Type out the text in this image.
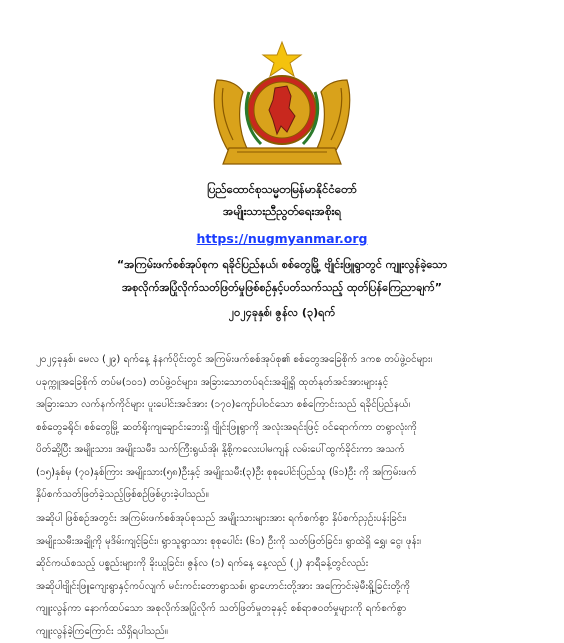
ပြည်ထောင်စုသမ္မတမြန်မာနိုင်ငံတော်
အမျိုးသားညီညွတ်ရေးအစိုးရ
https://nugmyanmar.org
“အကြမ်းဖက်စစ်အုပ်စုက ရခိုင်ပြည်နယ်၊ စစ်တွေမြို့ ဗျိုင်းဖြူရွာတွင် ကျူးလွန်ခဲ့သော
အစုလိုက်အပြုံလိုက်သတ်ဖြတ်မှုဖြစ်စဉ်နှင့်ပတ်သက်သည့် ထုတ်ပြန်ကြေညာချက်”
၂၀၂၄ခုနှစ်၊ ဇွန်လ (၃)ရက်
၂၀၂၄ခုနှစ်၊ မေလ (၂၉) ရက်နေ့ နံနက်ပိုင်းတွင် အကြမ်းဖက်စစ်အုပ်စု၏ စစ်တွေအခြေစိုက် ဒကစ တပ်ဖွဲ့ဝင်များ၊
ပခုက္ကူအခြေစိုက် တပ်မ(၁၀၁) တပ်ဖွဲ့ဝင်များ၊ အခြားသောတပ်ရင်းအချို့ရှိ ထုတ်နုတ်အင်အားများနှင့်
အခြားသော လက်နက်ကိုင်များ ပူးပေါင်းအင်အား (၁၇၀)ကျော်ပါဝင်သော စစ်ကြောင်းသည် ရခိုင်ပြည်နယ်၊
စစ်တွေခရိုင်၊ စစ်တွေမြို့ ဆတ်ရိုးကျချောင်းဘေးရှိ ဗျိုင်းဖြူရွာကို အလုံးအရင်းဖြင့် ဝင်ရောက်ကာ တရွာလုံးကို
ပိတ်ဆို့ပြီး အမျိုးသား၊ အမျိုးသမီး၊ သက်ကြီးရွယ်အို၊ နို့စို့ကလေးပါမကျန် လမ်းပေါ်ထွက်ခိုင်းကာ အသက်
(၁၅)နှစ်မှ (၇၀)နှစ်ကြား အမျိုးသား(၅၈)ဦးနှင့် အမျိုးသမီး(၃)ဦး စုစုပေါင်းပြည်သူ (၆၁)ဦး ကို အကြမ်းဖက်
နှိပ်စက်သတ်ဖြတ်ခဲ့သည့်ဖြစ်စဉ်ဖြစ်ပွားခဲ့ပါသည်။
အဆိုပါ ဖြစ်စဉ်အတွင်း အကြမ်းဖက်စစ်အုပ်စုသည် အမျိုးသားများအား ရက်စက်စွာ နှိပ်စက်ညှဉ်းပန်းခြင်း၊
အမျိုးသမီးအချို့ကို မုဒိမ်းကျင့်ခြင်း၊ ရွာသူရွာသား စုစုပေါင်း (၆၁) ဦးကို သတ်ဖြတ်ခြင်း၊ ရွာထဲရှိ ရွှေ၊ ငွေ၊ ဖုန်း၊
ဆိုင်ကယ်စသည့် ပစ္စည်းများကို ခိုးယူခြင်း၊ ဇွန်လ (၁) ရက်နေ့ နေ့လည် (၂) နာရီခန့်တွင်လည်း
အဆိုပါဗျိုင်းဖြူကျေးရွာနှင့်ကပ်လျက် မင်းကင်းတောရွာသစ်၊ ရွာဟောင်းတို့အား အကြောင်းမဲ့မီးရှို့ခြင်းတို့ကို
ကျူးလွန်ကာ နောက်ထပ်သော အစုလိုက်အပြုံလိုက် သတ်ဖြတ်မှုတခုနှင့် စစ်ရာဇဝတ်မှုများကို ရက်စက်စွာ
ကျူးလွန်ခဲ့ကြကြောင်း သိရှိရပါသည်။
